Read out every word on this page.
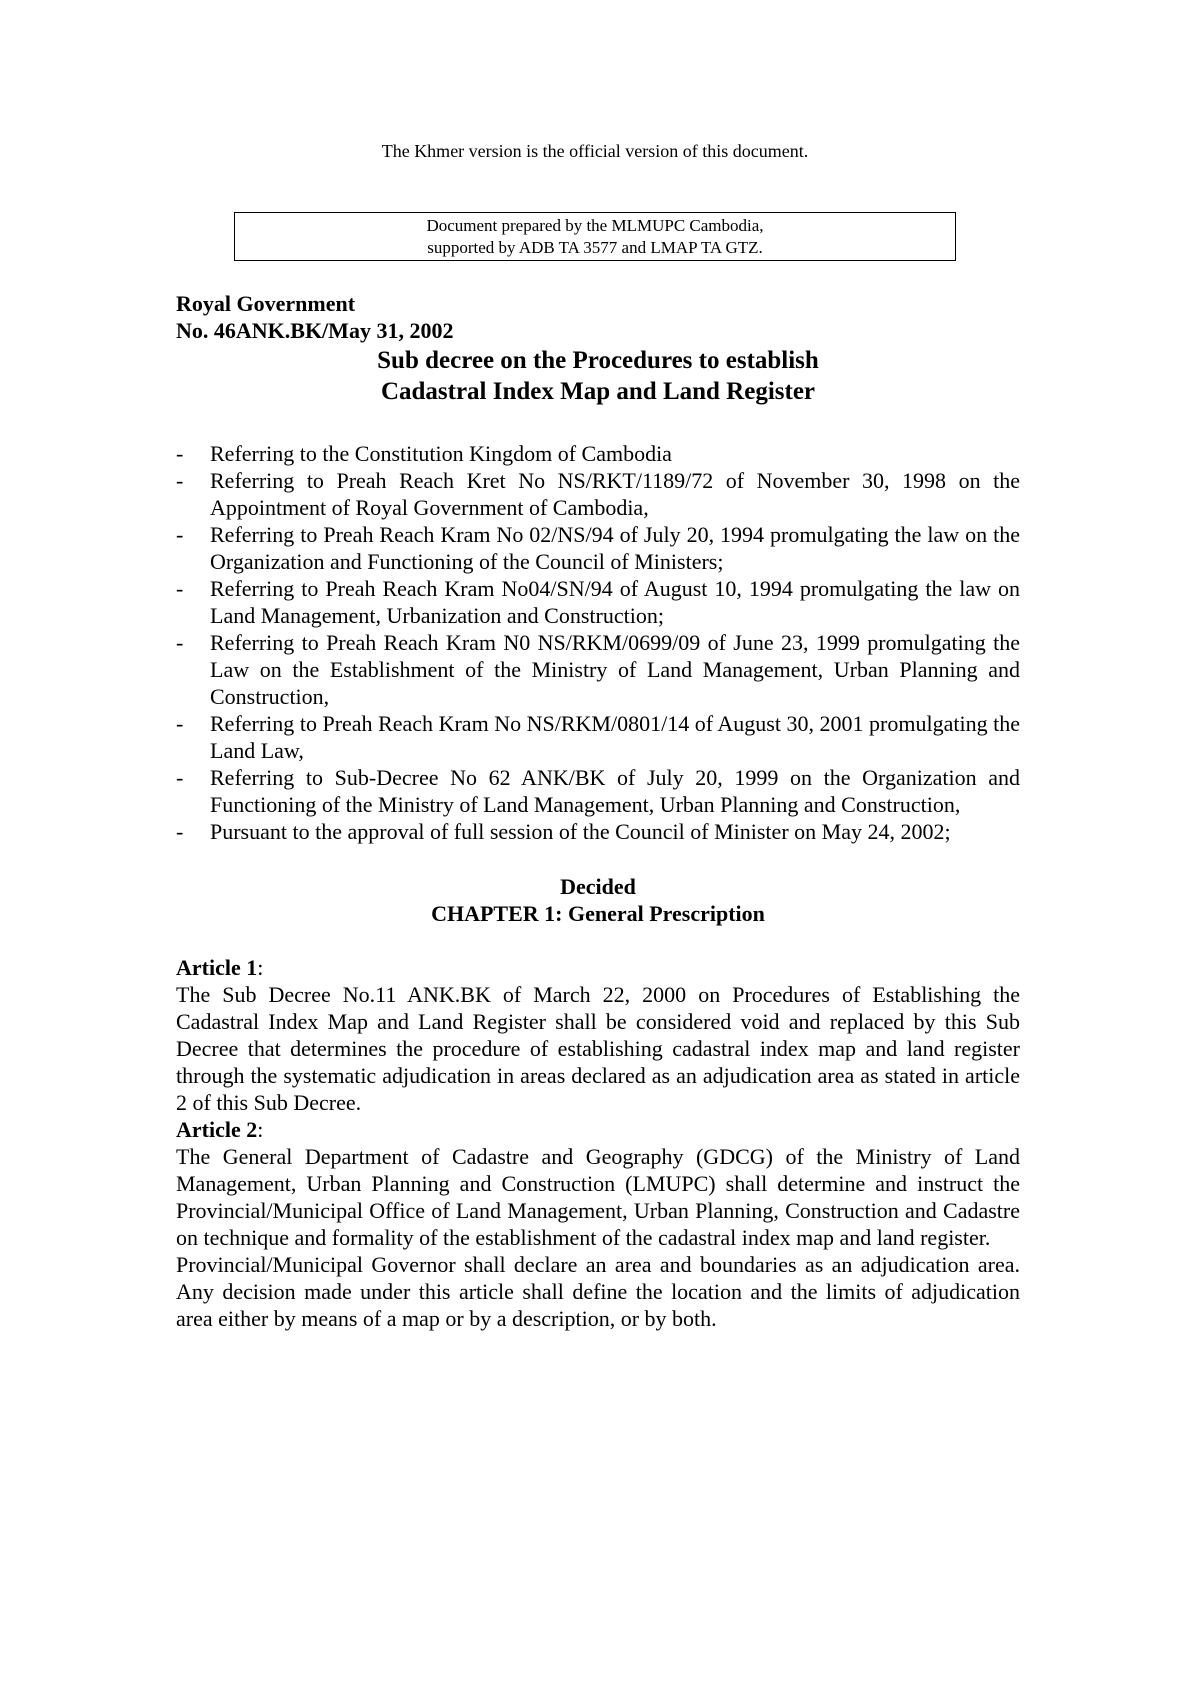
The Khmer version is the official version of this document.
Document prepared by the MLMUPC Cambodia,
supported by ADB TA 3577 and LMAP TA GTZ.
Royal Government
No. 46ANK.BK/May 31, 2002
Sub decree on the Procedures to establish
Cadastral Index Map and Land Register
- Referring to the Constitution Kingdom of Cambodia
- Referring to Preah Reach Kret No NS/RKT/1189/72 of November 30, 1998 on the Appointment of Royal Government of Cambodia,
- Referring to Preah Reach Kram No 02/NS/94 of July 20, 1994 promulgating the law on the Organization and Functioning of the Council of Ministers;
- Referring to Preah Reach Kram No04/SN/94 of August 10, 1994 promulgating the law on Land Management, Urbanization and Construction;
- Referring to Preah Reach Kram N0 NS/RKM/0699/09 of June 23, 1999 promulgating the Law on the Establishment of the Ministry of Land Management, Urban Planning and Construction,
- Referring to Preah Reach Kram No NS/RKM/0801/14 of August 30, 2001 promulgating the Land Law,
- Referring to Sub-Decree No 62 ANK/BK of July 20, 1999 on the Organization and Functioning of the Ministry of Land Management, Urban Planning and Construction,
- Pursuant to the approval of full session of the Council of Minister on May 24, 2002;
Decided
CHAPTER 1: General Prescription
Article 1:

The Sub Decree No.11 ANK.BK of March 22, 2000 on Procedures of Establishing the Cadastral Index Map and Land Register shall be considered void and replaced by this Sub Decree that determines the procedure of establishing cadastral index map and land register through the systematic adjudication in areas declared as an adjudication area as stated in article 2 of this Sub Decree.

Article 2:

The General Department of Cadastre and Geography (GDCG) of the Ministry of Land Management, Urban Planning and Construction (LMUPC) shall determine and instruct the Provincial/Municipal Office of Land Management, Urban Planning, Construction and Cadastre on technique and formality of the establishment of the cadastral index map and land register.

Provincial/Municipal Governor shall declare an area and boundaries as an adjudication area. Any decision made under this article shall define the location and the limits of adjudication area either by means of a map or by a description, or by both.
